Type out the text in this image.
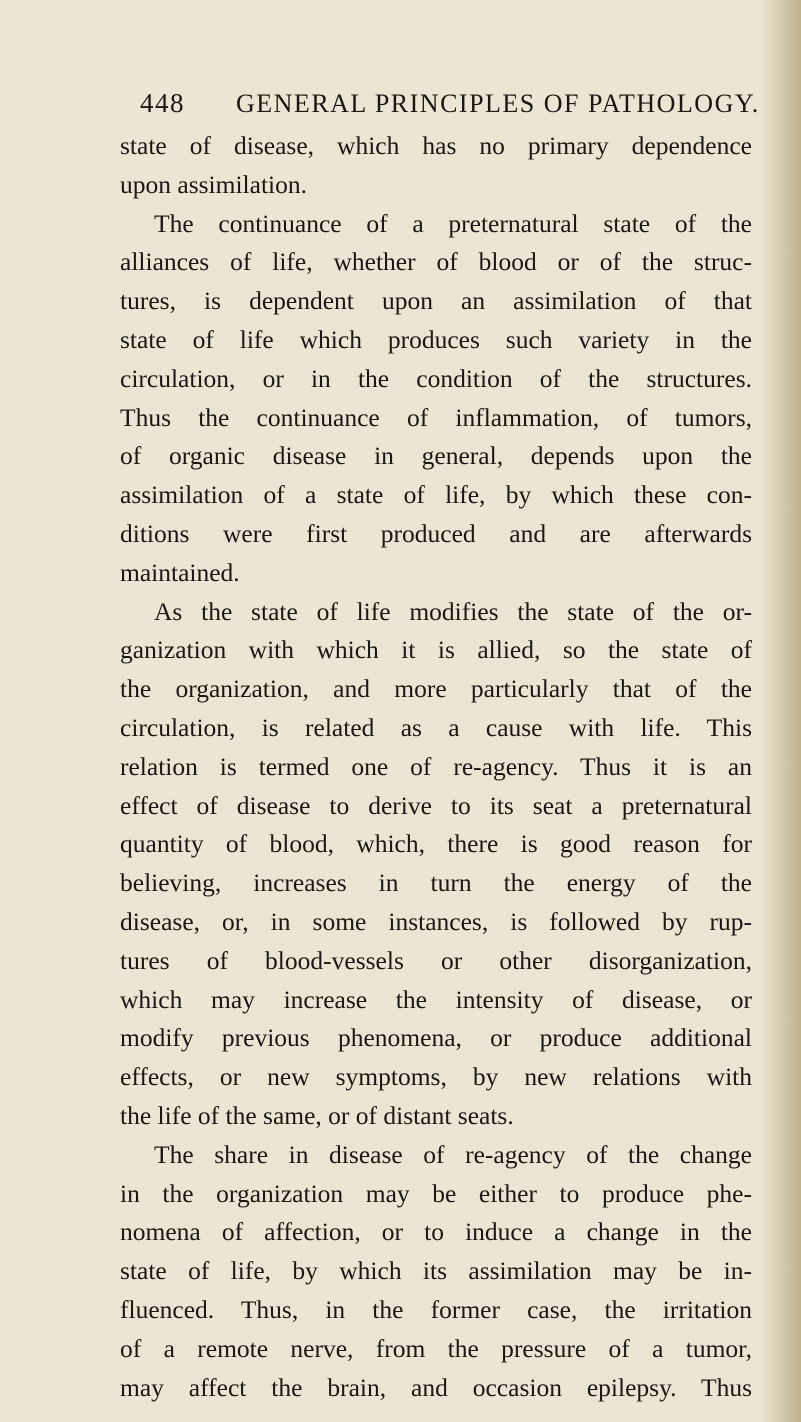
448 GENERAL PRINCIPLES OF PATHOLOGY.

state of disease, which has no primary dependence
upon assimilation.

The continuance of a preternatural state of the
alliances of life, whether of blood or of the struc-
tures, is dependent upon an assimilation of that
state of life which produces such variety in the
circulation, or in the condition of the structures.
Thus the continuance of inflammation, of tumors,
of organic disease in general, depends upon the
assimilation of a state of life, by which these con-
ditions were first produced and are afterwards
maintained.

As the state of life modifies the state of the or-
ganization with which it is allied, so the state of
the organization, and more particularly that of the
circulation, is related as a cause with life. This
relation is termed one of re-agency. Thus it is an
effect of disease to derive to its seat a preternatural
quantity of blood, which, there is good reason for
believing, increases in turn the energy of the
disease, or, in some instances, is followed by rup-
tures of blood-vessels or other disorganization,
which may increase the intensity of disease, or
modify previous phenomena, or produce additional
effects, or new symptoms, by new relations with
the life of the same, or of distant seats.

The share in disease of re-agency of the change
in the organization may be either to produce phe-
nomena of affection, or to induce a change in the
state of life, by which its assimilation may be in-
fluenced. Thus, in the former case, the irritation
of a remote nerve, from the pressure of a tumor,
may affect the brain, and occasion epilepsy. Thus
